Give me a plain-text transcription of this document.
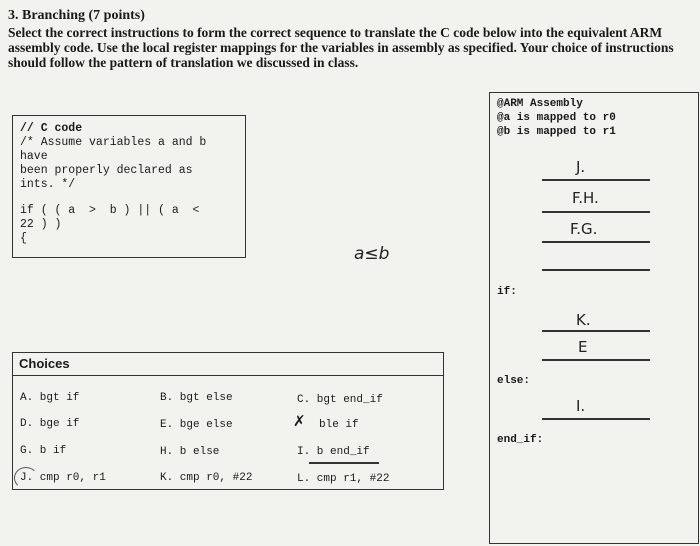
3. Branching (7 points)
Select the correct instructions to form the correct sequence to translate the C code below into the equivalent ARM assembly code. Use the local register mappings for the variables in assembly as specified. Your choice of instructions should follow the pattern of translation we discussed in class.
// C code
/* Assume variables a and b
have
been properly declared as
ints. */
if ( ( a  >  b ) || ( a  <
22 ) )
{
a≤b
Choices
A. bgt if	B. bgt else	C. bgt end_if
D. bge if	E. bge else	✗ ble if
G. b if	H. b else	I. b end_if
J. cmp r0, r1	K. cmp r0, #22	L. cmp r1, #22
@ARM Assembly
@a is mapped to r0
@b is mapped to r1
J.
F.H.
F.G.
if:
K.
E
else:
I.
end_if:
